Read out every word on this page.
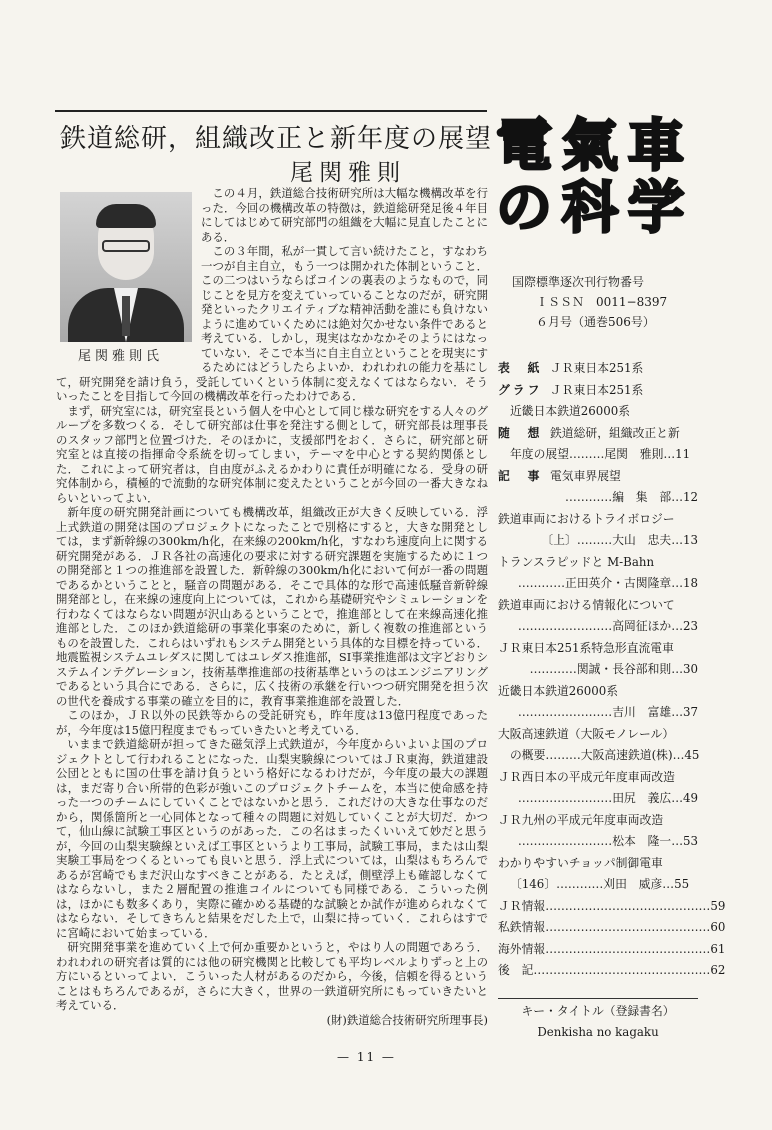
鉄道総研，組織改正と新年度の展望
尾関雅則
尾関雅則氏

この４月，鉄道総合技術研究所は大幅な機構改革を行った．今回の機構改革の特徴は，鉄道総研発足後４年目にしてはじめて研究部門の組織を大幅に見直したことにある．

この３年間，私が一貫して言い続けたこと，すなわち一つが自主自立，もう一つは開かれた体制ということ．この二つはいうならばコインの裏表のようなもので，同じことを見方を変えていっていることなのだが，研究開発といったクリエイティブな精神活動を誰にも負けないように進めていくためには絶対欠かせない条件であると考えている．しかし，現実はなかなかそのようにはなっていない．そこで本当に自主自立ということを現実にするためにはどうしたらよいか．われわれの能力を基にして，研究開発を請け負う，受託していくという体制に変えなくてはならない．そういったことを目指して今回の機構改革を行ったわけである．

まず，研究室には，研究室長という個人を中心として同じ様な研究をする人々のグループを多数つくる．そして研究部は仕事を発注する側として，研究部長は理事長のスタッフ部門と位置づけた．そのほかに，支援部門をおく．さらに，研究部と研究室とは直接の指揮命令系統を切ってしまい，テーマを中心とする契約関係とした．これによって研究者は，自由度がふえるかわりに責任が明確になる．受身の研究体制から，積極的で流動的な研究体制に変えたということが今回の一番大きなねらいといってよい．

新年度の研究開発計画についても機構改革，組織改正が大きく反映している．浮上式鉄道の開発は国のプロジェクトになったことで別格にすると，大きな開発としては，まず新幹線の300km/h化，在来線の200km/h化，すなわち速度向上に関する研究開発がある．ＪＲ各社の高速化の要求に対する研究課題を実施するために１つの開発部と１つの推進部を設置した．新幹線の300km/h化において何が一番の問題であるかということと，騒音の問題がある．そこで具体的な形で高速低騒音新幹線開発部とし，在来線の速度向上については，これから基礎研究やシミュレーションを行わなくてはならない問題が沢山あるということで，推進部として在来線高速化推進部とした．このほか鉄道総研の事業化事案のために，新しく複数の推進部というものを設置した．これらはいずれもシステム開発という具体的な目標を持っている．地震監視システムユレダスに関してはユレダス推進部，SI事業推進部は文字どおりシステムインテグレーション，技術基準推進部の技術基準というのはエンジニアリングであるという具合にである．さらに，広く技術の承継を行いつつ研究開発を担う次の世代を養成する事業の確立を目的に，教育事業推進部を設置した．

このほか，ＪＲ以外の民鉄等からの受託研究も，昨年度は13億円程度であったが，今年度は15億円程度までもっていきたいと考えている．

いままで鉄道総研が担ってきた磁気浮上式鉄道が，今年度からいよいよ国のプロジェクトとして行われることになった．山梨実験線についてはＪＲ東海，鉄道建設公団とともに国の仕事を請け負うという格好になるわけだが，今年度の最大の課題は，まだ寄り合い所帯的色彩が強いこのプロジェクトチームを，本当に使命感を持った一つのチームにしていくことではないかと思う．これだけの大きな仕事なのだから，関係箇所と一心同体となって種々の問題に対処していくことが大切だ．かつて，仙山線に試験工事区というのがあった．この名はまったくいいえて妙だと思うが，今回の山梨実験線といえば工事区というより工事局，試験工事局，または山梨実験工事局をつくるといっても良いと思う．浮上式については，山梨はもちろんであるが宮崎でもまだ沢山なすべきことがある．たとえば，側壁浮上も確認しなくてはならないし，また２層配置の推進コイルについても同様である．こういった例は，ほかにも数多くあり，実際に確かめる基礎的な試験とか試作が進められなくてはならない．そしてきちんと結果をだした上で，山梨に持っていく．これらはすでに宮崎において始まっている．

研究開発事業を進めていく上で何か重要かというと，やはり人の問題であろう．われわれの研究者は質的には他の研究機関と比較しても平均レベルよりずっと上の方にいるといってよい．こういった人材があるのだから，今後，信頼を得るということはもちろんであるが，さらに大きく，世界の一鉄道研究所にもっていきたいと考えている．

(財)鉄道総合技術研究所理事長)
— 11 —
電 氣 車
の 科 学
国際標準逐次刊行物番号
ＩＳＳＮ　0011−8397
６月号（通巻506号）
表　紙 ＪＲ東日本251系
グラフ ＪＲ東日本251系
近畿日本鉄道26000系
随　想 鉄道総研，組織改正と新
年度の展望………尾関　雅則…11
記　事 電気車界展望
…………編　集　部…12
鉄道車両におけるトライボロジー
〔上〕………大山　忠夫…13
トランスラピッドと M-Bahn
…………正田英介・古関隆章…18
鉄道車両における情報化について
……………………高岡征ほか…23
ＪＲ東日本251系特急形直流電車
…………関誠・長谷部和則…30
近畿日本鉄道26000系
……………………吉川　富雄…37
大阪高速鉄道（大阪モノレール）
の概要………大阪高速鉄道(株)…45
ＪＲ西日本の平成元年度車両改造
……………………田尻　義広…49
ＪＲ九州の平成元年度車両改造
……………………松本　隆一…53
わかりやすいチョッパ制御電車
〔146〕…………刈田　威彦…55
ＪＲ情報……………………………………59
私鉄情報……………………………………60
海外情報……………………………………61
後　記………………………………………62
キー・タイトル（登録書名）
Denkisha no kagaku
